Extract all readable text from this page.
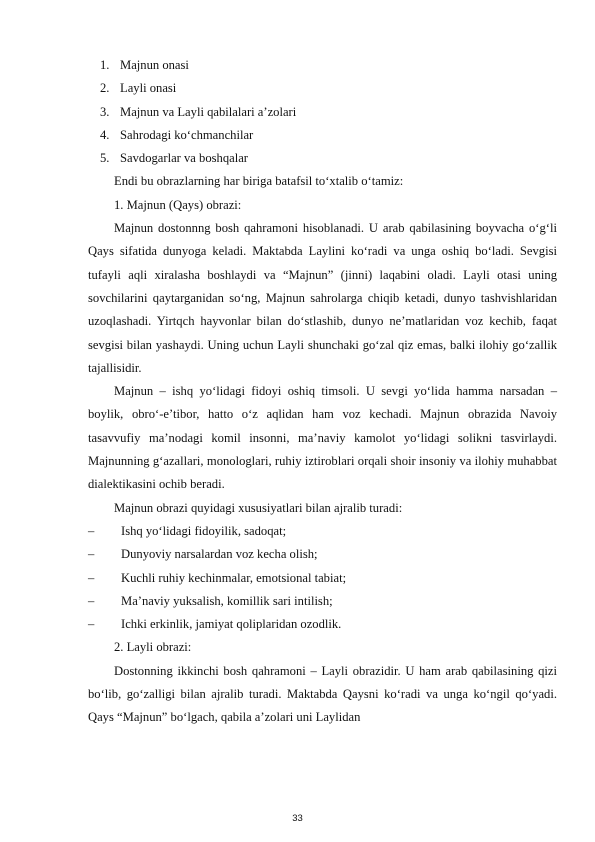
1. Majnun onasi
2. Layli onasi
3. Majnun va Layli qabilalari a’zolari
4. Sahrodagi ko‘chmanchilar
5. Savdogarlar va boshqalar

Endi bu obrazlarning har biriga batafsil to‘xtalib o‘tamiz:

1. Majnun (Qays) obrazi:

Majnun dostonnng bosh qahramoni hisoblanadi. U arab qabilasining boyvacha o‘g‘li Qays sifatida dunyoga keladi. Maktabda Laylini ko‘radi va unga oshiq bo‘ladi. Sevgisi tufayli aqli xiralasha boshlaydi va “Majnun” (jinni) laqabini oladi. Layli otasi uning sovchilarini qaytarganidan so‘ng, Majnun sahrolarga chiqib ketadi, dunyo tashvishlaridan uzoqlashadi. Yirtqch hayvonlar bilan do‘stlashib, dunyo ne’matlaridan voz kechib, faqat sevgisi bilan yashaydi. Uning uchun Layli shunchaki go‘zal qiz emas, balki ilohiy go‘zallik tajallisidir.

Majnun – ishq yo‘lidagi fidoyi oshiq timsoli. U sevgi yo‘lida hamma narsadan – boylik, obro‘-e’tibor, hatto o‘z aqlidan ham voz kechadi. Majnun obrazida Navoiy tasavvufiy ma’nodagi komil insonni, ma’naviy kamolot yo‘lidagi solikni tasvirlaydi. Majnunning g‘azallari, monologlari, ruhiy iztiroblari orqali shoir insoniy va ilohiy muhabbat dialektikasini ochib beradi.

Majnun obrazi quyidagi xususiyatlari bilan ajralib turadi:

– Ishq yo‘lidagi fidoyilik, sadoqat;
– Dunyoviy narsalardan voz kecha olish;
– Kuchli ruhiy kechinmalar, emotsional tabiat;
– Ma’naviy yuksalish, komillik sari intilish;
– Ichki erkinlik, jamiyat qoliplaridan ozodlik.

2. Layli obrazi:

Dostonning ikkinchi bosh qahramoni – Layli obrazidir. U ham arab qabilasining qizi bo‘lib, go‘zalligi bilan ajralib turadi. Maktabda Qaysni ko‘radi va unga ko‘ngil qo‘yadi. Qays “Majnun” bo‘lgach, qabila a’zolari uni Laylidan

33
